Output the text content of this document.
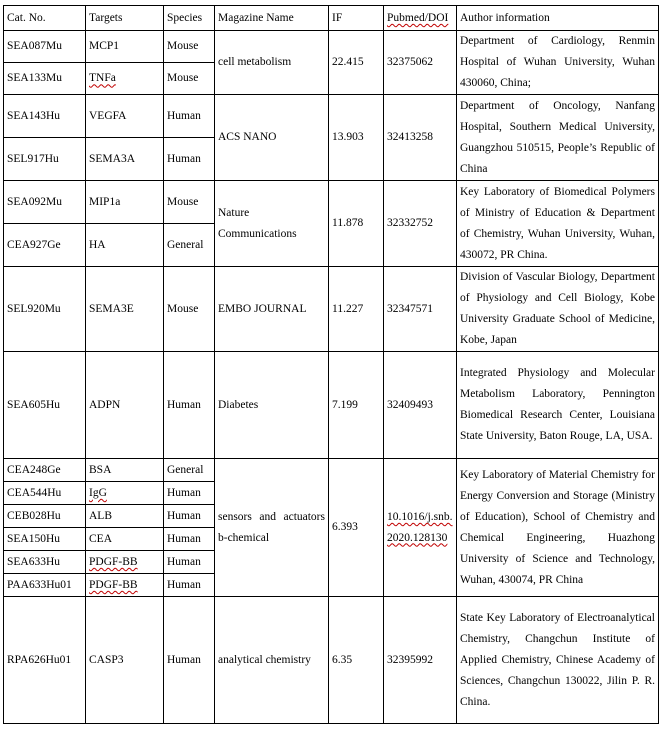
Cat. No.	Targets	Species	Magazine Name	IF	Pubmed/DOI	Author information
SEA087Mu	MCP1	Mouse	cell metabolism	22.415	32375062	Department of Cardiology, Renmin Hospital of Wuhan University, Wuhan 430060, China;
SEA133Mu	TNFa	Mouse				
SEA143Hu	VEGFA	Human	ACS NANO	13.903	32413258	Department of Oncology, Nanfang Hospital, Southern Medical University, Guangzhou 510515, People’s Republic of China
SEL917Hu	SEMA3A	Human				
SEA092Mu	MIP1a	Mouse	Nature Communications	11.878	32332752	Key Laboratory of Biomedical Polymers of Ministry of Education & Department of Chemistry, Wuhan University, Wuhan, 430072, PR China.
CEA927Ge	HA	General				
SEL920Mu	SEMA3E	Mouse	EMBO JOURNAL	11.227	32347571	Division of Vascular Biology, Department of Physiology and Cell Biology, Kobe University Graduate School of Medicine, Kobe, Japan
SEA605Hu	ADPN	Human	Diabetes	7.199	32409493	Integrated Physiology and Molecular Metabolism Laboratory, Pennington Biomedical Research Center, Louisiana State University, Baton Rouge, LA, USA.
CEA248Ge	BSA	General	sensors and actuators b-chemical	6.393	10.1016/j.snb.2020.128130	Key Laboratory of Material Chemistry for Energy Conversion and Storage (Ministry of Education), School of Chemistry and Chemical Engineering, Huazhong University of Science and Technology, Wuhan, 430074, PR China
CEA544Hu	IgG	Human				
CEB028Hu	ALB	Human				
SEA150Hu	CEA	Human				
SEA633Hu	PDGF-BB	Human				
PAA633Hu01	PDGF-BB	Human				
RPA626Hu01	CASP3	Human	analytical chemistry	6.35	32395992	State Key Laboratory of Electroanalytical Chemistry, Changchun Institute of Applied Chemistry, Chinese Academy of Sciences, Changchun 130022, Jilin P. R. China.
